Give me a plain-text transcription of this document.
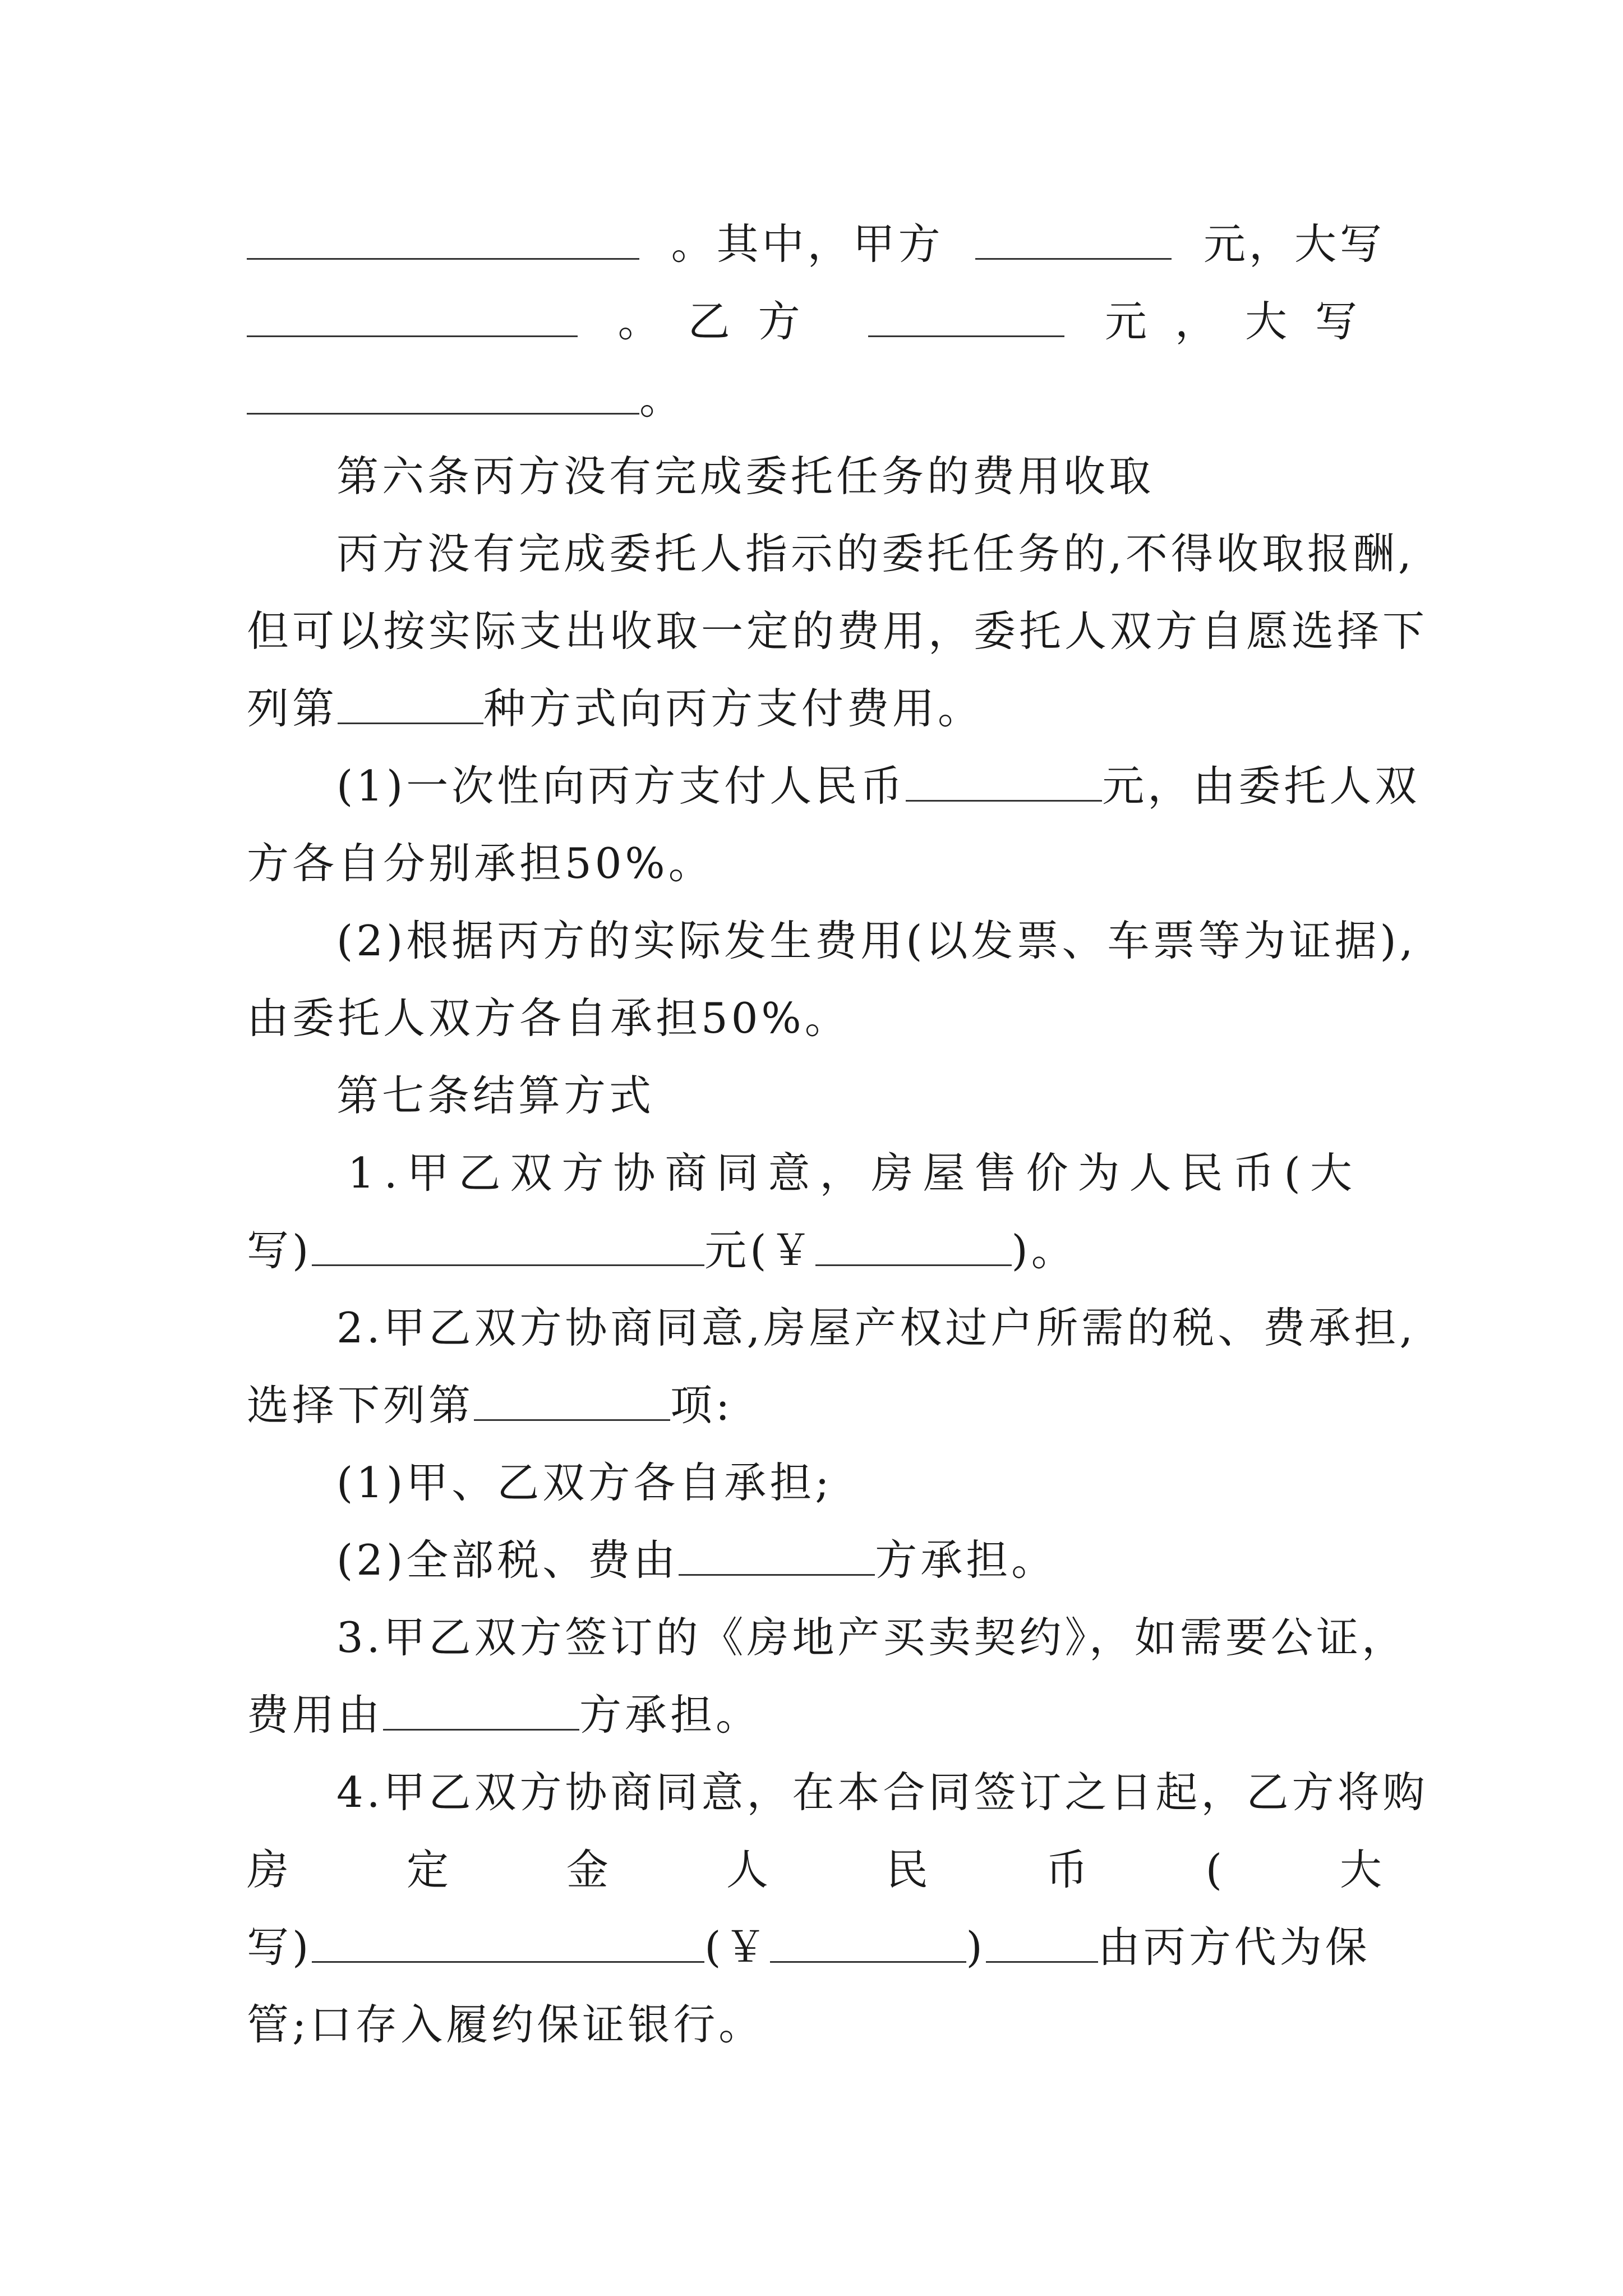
。其中，甲方	元，大写
。乙方	元，大写
。
第六条丙方没有完成委托任务的费用收取
丙方没有完成委托人指示的委托任务的,不得收取报酬,
但可以按实际支出收取一定的费用，委托人双方自愿选择下
列第	种方式向丙方支付费用。
(1)一次性向丙方支付人民币	元，由委托人双
方各自分别承担50%。
(2)根据丙方的实际发生费用(以发票、车票等为证据),
由委托人双方各自承担50%。
第七条结算方式
1.甲乙双方协商同意，房屋售价为人民币(大
写)	元(￥	)。
2.甲乙双方协商同意,房屋产权过户所需的税、费承担,
选择下列第	项:
(1)甲、乙双方各自承担;
(2)全部税、费由	方承担。
3.甲乙双方签订的《房地产买卖契约》，如需要公证，
费用由	方承担。
4.甲乙双方协商同意，在本合同签订之日起，乙方将购
房	定	金	人	民	币	(	大
写)	(￥	)	由丙方代为保
管;口存入履约保证银行。
